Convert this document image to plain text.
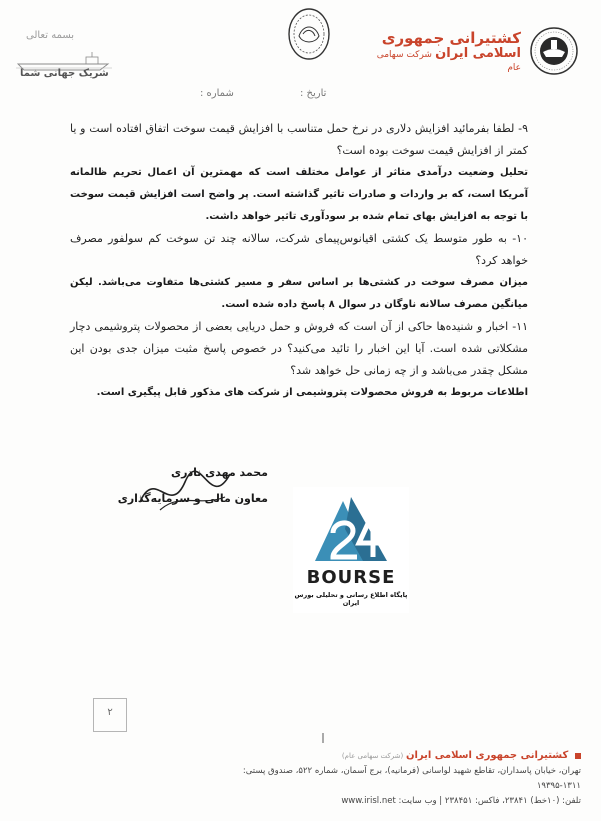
کشتیرانی جمهوری
اسلامی ایران شرکت سهامی عام
بسمه تعالی
شریک جهانی شما
تاریخ :
شماره :

۹- لطفا بفرمائید افزایش دلاری در نرخ حمل متناسب با افزایش قیمت سوخت اتفاق افتاده است و یا کمتر از افزایش قیمت سوخت بوده است؟

تحلیل وضعیت درآمدی متاثر از عوامل مختلف است که مهمترین آن اعمال تحریم ظالمانه آمریکا است، که بر واردات و صادرات تاثیر گذاشته است. پر واضح است افزایش قیمت سوخت با توجه به افزایش بهای تمام شده بر سودآوری تاثیر خواهد داشت.

۱۰- به طور متوسط یک کشتی اقیانوس‌پیمای شرکت، سالانه چند تن سوخت کم سولفور مصرف خواهد کرد؟

میزان مصرف سوخت در کشتی‌ها بر اساس سفر و مسیر کشتی‌ها متفاوت می‌باشد. لیکن میانگین مصرف سالانه ناوگان در سوال ۸ پاسخ داده شده است.

۱۱- اخبار و شنیده‌ها حاکی از آن است که فروش و حمل دریایی بعضی از محصولات پتروشیمی دچار مشکلاتی شده است. آیا این اخبار را تائید می‌کنید؟ در خصوص پاسخ مثبت میزان جدی بودن این مشکل چقدر می‌باشد و از چه زمانی حل خواهد شد؟

اطلاعات مربوط به فروش محصولات پتروشیمی از شرکت های مذکور قابل پیگیری است.

محمد مهدی نادری
معاون مالی و سرمایه‌گذاری
BOURSE
پایگاه اطلاع رسانی و تحلیلی بورس ایران
۲
کشتیرانی جمهوری اسلامی ایران (شرکت سهامی عام)
تهران، خیابان پاسداران، تقاطع شهید لواسانی (فرمانیه)، برج آسمان، شماره ۵۲۲، صندوق پستی: ۱۳۱۱-۱۹۳۹۵
تلفن: (۱۰خط) ۲۳۸۴۱، فاکس: ۲۳۸۴۵۱ | وب سایت: www.irisl.net
